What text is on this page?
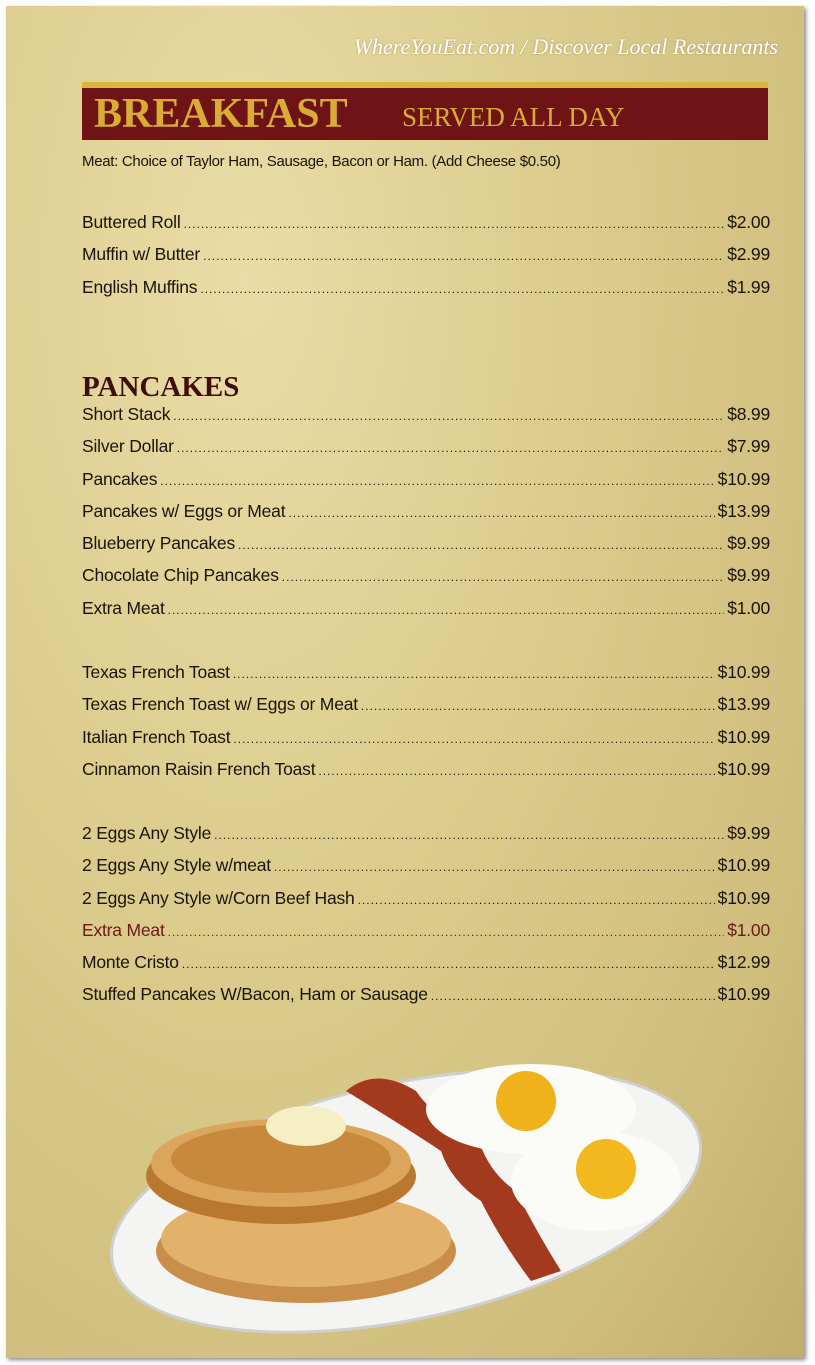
WhereYouEat.com / Discover Local Restaurants
BREAKFAST SERVED ALL DAY
Meat: Choice of Taylor Ham, Sausage, Bacon or Ham. (Add Cheese $0.50)
Buttered Roll .....	$2.00
Muffin w/ Butter .....	$2.99
English Muffins .....	$1.99
PANCAKES
Short Stack .....	$8.99
Silver Dollar .....	$7.99
Pancakes .....	$10.99
Pancakes w/ Eggs or Meat .....	$13.99
Blueberry Pancakes .....	$9.99
Chocolate Chip Pancakes .....	$9.99
Extra Meat .....	$1.00
Texas French Toast .....	$10.99
Texas French Toast w/ Eggs or Meat .....	$13.99
Italian French Toast .....	$10.99
Cinnamon Raisin French Toast .....	$10.99
2 Eggs Any Style .....	$9.99
2 Eggs Any Style w/meat .....	$10.99
2 Eggs Any Style w/Corn Beef Hash .....	$10.99
Extra Meat .....	$1.00
Monte Cristo .....	$12.99
Stuffed Pancakes W/Bacon, Ham or Sausage .....	$10.99
